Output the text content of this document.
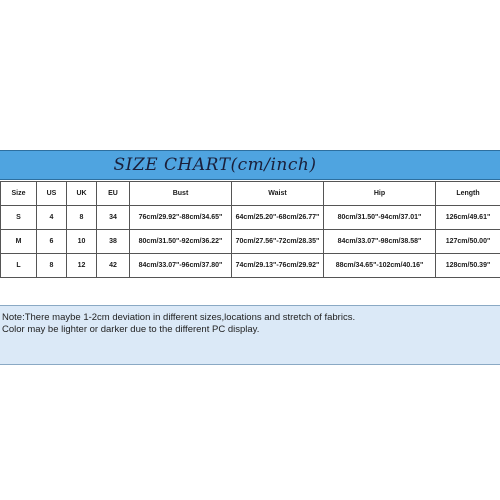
SIZE CHART(cm/inch)
Size	US	UK	EU	Bust	Waist	Hip	Length
S	4	8	34	76cm/29.92"-88cm/34.65"	64cm/25.20"-68cm/26.77"	80cm/31.50"-94cm/37.01"	126cm/49.61"
M	6	10	38	80cm/31.50"-92cm/36.22"	70cm/27.56"-72cm/28.35"	84cm/33.07"-98cm/38.58"	127cm/50.00"
L	8	12	42	84cm/33.07"-96cm/37.80"	74cm/29.13"-76cm/29.92"	88cm/34.65"-102cm/40.16"	128cm/50.39"
Note:There maybe 1-2cm deviation in different sizes,locations and stretch of fabrics.
Color may be lighter or darker due to the different PC display.
